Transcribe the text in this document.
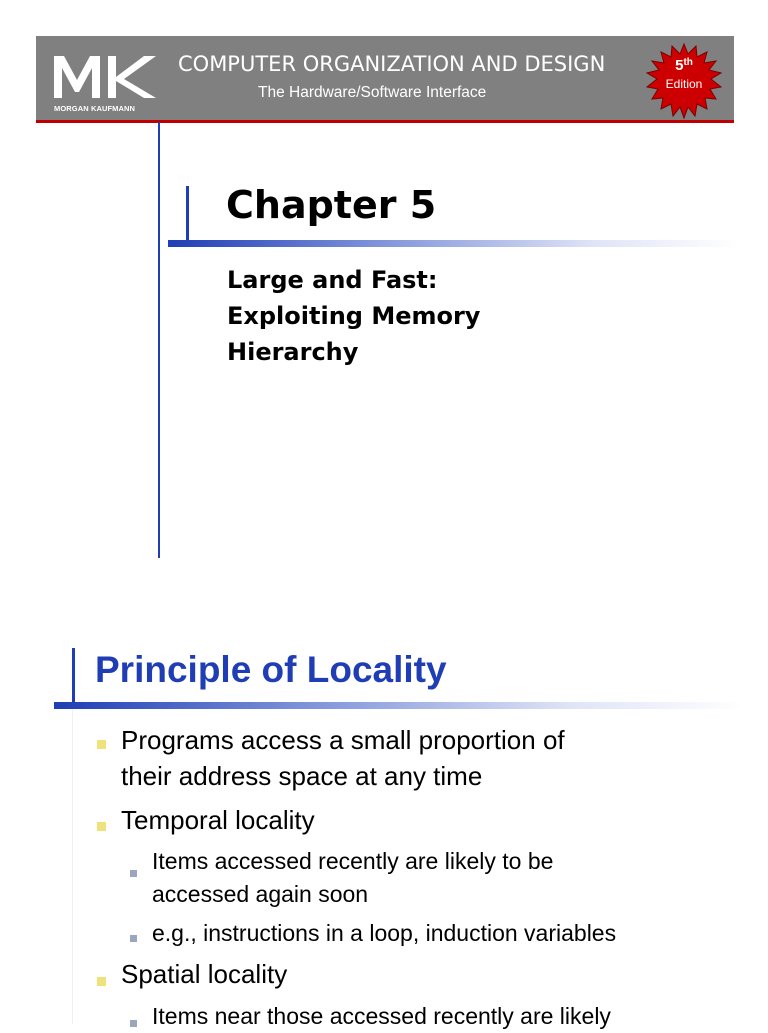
MORGAN KAUFMANN
COMPUTER ORGANIZATION AND DESIGN
The Hardware/Software Interface
5th
Edition
Chapter 5
Large and Fast:
Exploiting Memory
Hierarchy
Principle of Locality
Programs access a small proportion of
their address space at any time
Temporal locality
Items accessed recently are likely to be
accessed again soon
e.g., instructions in a loop, induction variables
Spatial locality
Items near those accessed recently are likely
